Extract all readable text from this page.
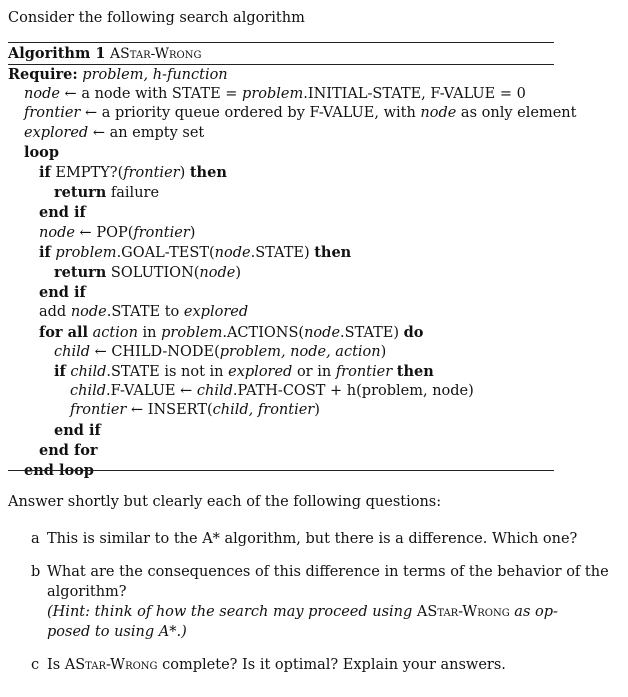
Consider the following search algorithm
Algorithm 1 AStar-Wrong
Require: problem, h-function
node ← a node with STATE = problem.INITIAL-STATE, F-VALUE = 0
frontier ← a priority queue ordered by F-VALUE, with node as only element
explored ← an empty set
loop
if EMPTY?(frontier) then
return failure
end if
node ← POP(frontier)
if problem.GOAL-TEST(node.STATE) then
return SOLUTION(node)
end if
add node.STATE to explored
for all action in problem.ACTIONS(node.STATE) do
child ← CHILD-NODE(problem, node, action)
if child.STATE is not in explored or in frontier then
child.F-VALUE ← child.PATH-COST + h(problem, node)
frontier ← INSERT(child, frontier)
end if
end for
end loop
Answer shortly but clearly each of the following questions:
a This is similar to the A* algorithm, but there is a difference. Which one?
b What are the consequences of this difference in terms of the behavior of the algorithm?
(Hint: think of how the search may proceed using AStar-Wrong as op-
posed to using A*.)
c Is AStar-Wrong complete? Is it optimal? Explain your answers.
